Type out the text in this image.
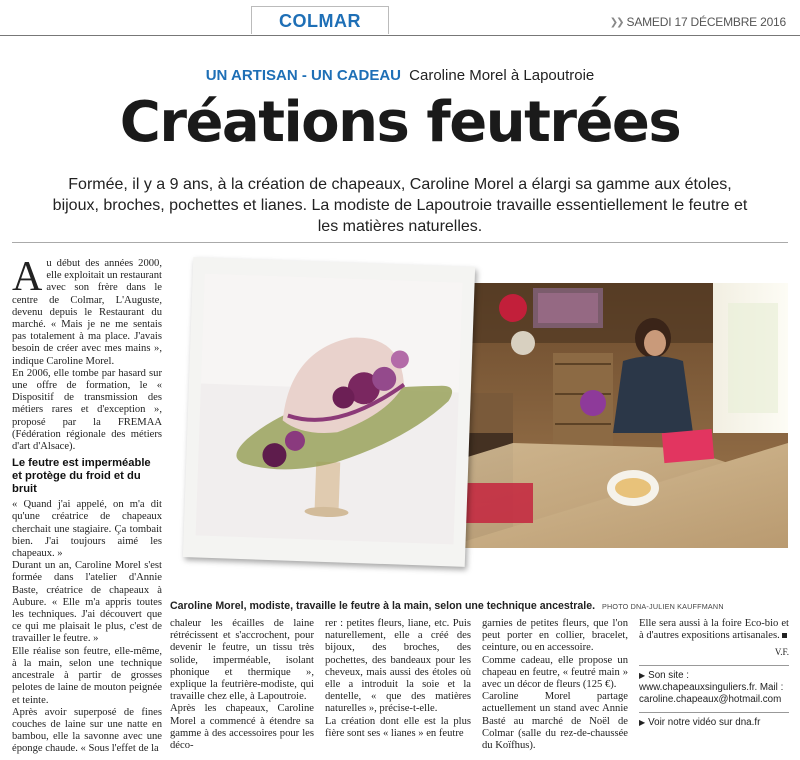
COLMAR	❯❯ SAMEDI 17 DÉCEMBRE 2016
UN ARTISAN - UN CADEAU Caroline Morel à Lapoutroie
Créations feutrées

Formée, il y a 9 ans, à la création de chapeaux, Caroline Morel a élargi sa gamme aux étoles, bijoux, broches, pochettes et lianes. La modiste de Lapoutroie travaille essentiellement le feutre et les matières naturelles.

Au début des années 2000, elle exploitait un restaurant avec son frère dans le centre de Colmar, L'Auguste, devenu depuis le Restaurant du marché. « Mais je ne me sentais pas totalement à ma place. J'avais besoin de créer avec mes mains », indique Caroline Morel.

En 2006, elle tombe par hasard sur une offre de formation, le « Dispositif de transmission des métiers rares et d'exception », proposé par la FREMAA (Fédération régionale des métiers d'art d'Alsace).

Le feutre est imperméable et protège du froid et du bruit

« Quand j'ai appelé, on m'a dit qu'une créatrice de chapeaux cherchait une stagiaire. Ça tombait bien. J'ai toujours aimé les chapeaux. »

Durant un an, Caroline Morel s'est formée dans l'atelier d'Annie Baste, créatrice de chapeaux à Aubure. « Elle m'a appris toutes les techniques. J'ai découvert que ce qui me plaisait le plus, c'est de travailler le feutre. »

Elle réalise son feutre, elle-même, à la main, selon une technique ancestrale à partir de grosses pelotes de laine de mouton peignée et teinte.

Après avoir superposé de fines couches de laine sur une natte en bambou, elle la savonne avec une éponge chaude. « Sous l'effet de la

Caroline Morel, modiste, travaille le feutre à la main, selon une technique ancestrale. PHOTO DNA-JULIEN KAUFFMANN

chaleur les écailles de laine rétrécissent et s'accrochent, pour devenir le feutre, un tissu très solide, imperméable, isolant phonique et thermique », explique la feutrière-modiste, qui travaille chez elle, à Lapoutroie.

Après les chapeaux, Caroline Morel a commencé à étendre sa gamme à des accessoires pour les déco-

rer : petites fleurs, liane, etc. Puis naturellement, elle a créé des bijoux, des broches, des pochettes, des bandeaux pour les cheveux, mais aussi des étoles où elle a introduit la soie et la dentelle, « que des matières naturelles », précise-t-elle.

La création dont elle est la plus fière sont ses « lianes » en feutre

garnies de petites fleurs, que l'on peut porter en collier, bracelet, ceinture, ou en accessoire.

Comme cadeau, elle propose un chapeau en feutre, « feutré main » avec un décor de fleurs (125 €).

Caroline Morel partage actuellement un stand avec Annie Basté au marché de Noël de Colmar (salle du rez-de-chaussée du Koïfhus).

Elle sera aussi à la foire Eco-bio et à d'autres expositions artisanales.

V.F.
▶ Son site :
www.chapeauxsinguliers.fr. Mail : caroline.chapeaux@hotmail.com
▶ Voir notre vidéo sur dna.fr
